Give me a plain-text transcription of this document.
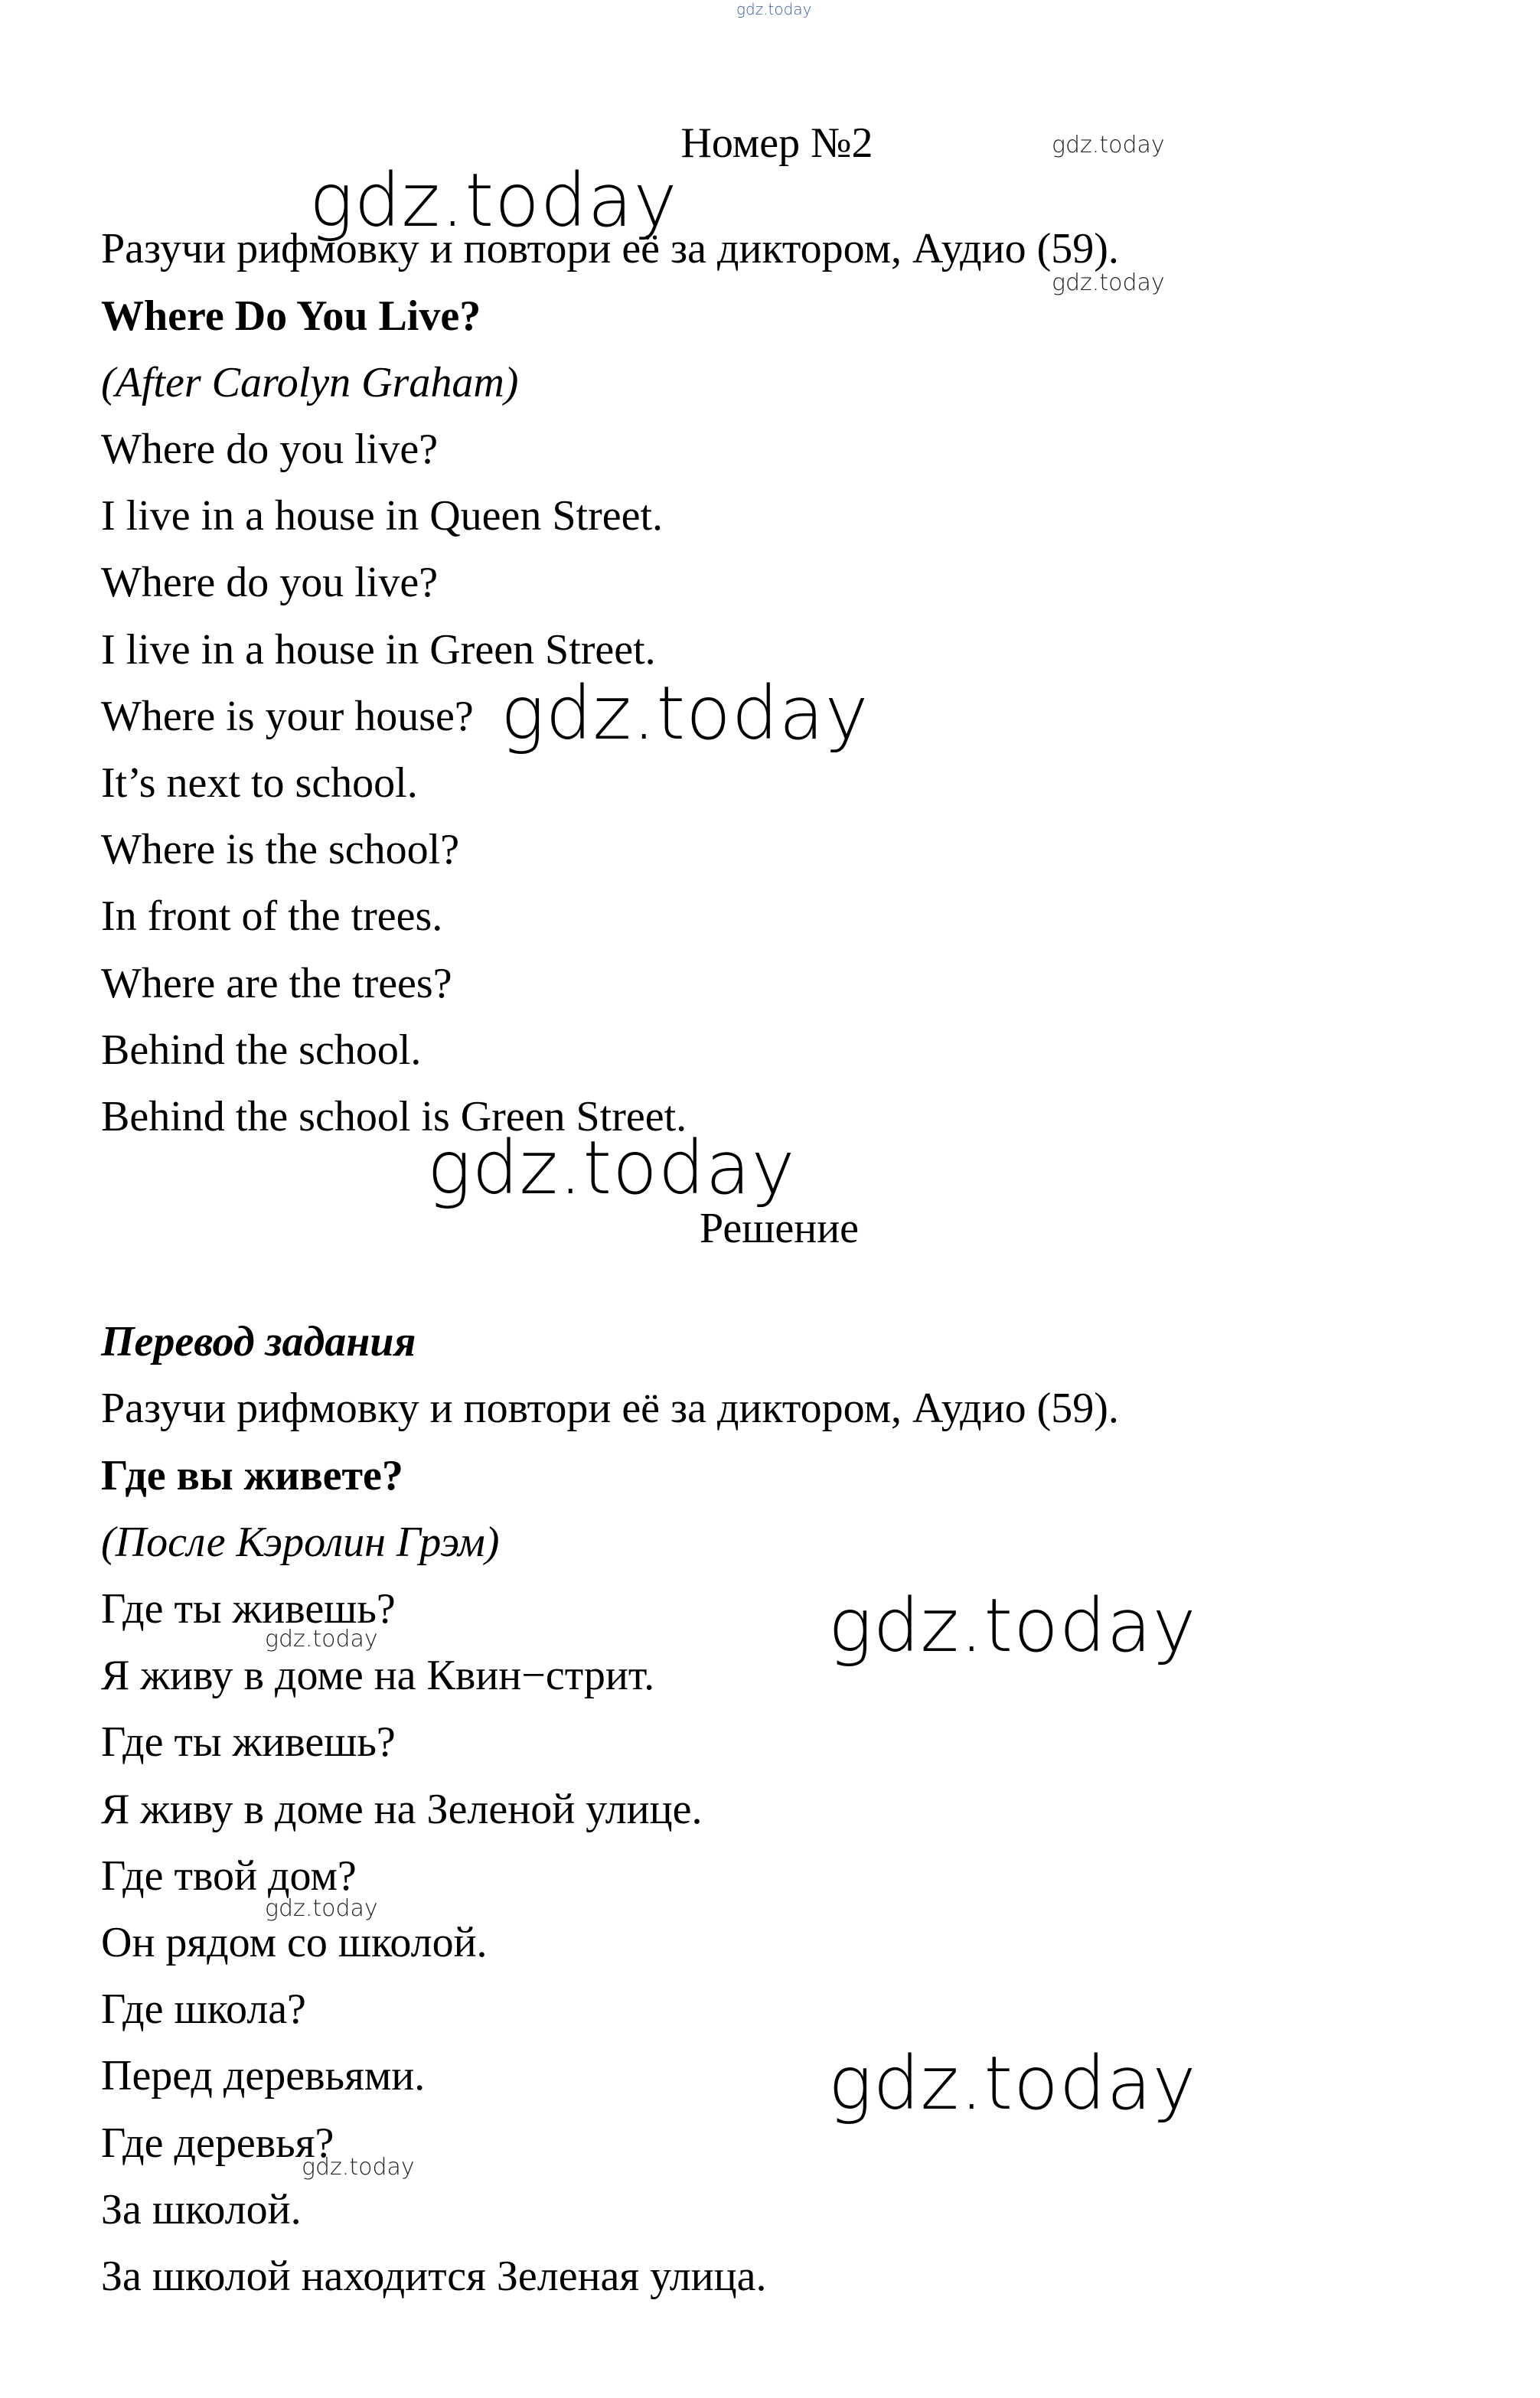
gdz.today
Номер №2
Разучи рифмовку и повтори её за диктором, Аудио (59).
Where Do You Live?
(After Carolyn Graham)
Where do you live?
I live in a house in Queen Street.
Where do you live?
I live in a house in Green Street.
Where is your house?
It’s next to school.
Where is the school?
In front of the trees.
Where are the trees?
Behind the school.
Behind the school is Green Street.
Решение
Перевод задания
Разучи рифмовку и повтори её за диктором, Аудио (59).
Где вы живете?
(После Кэролин Грэм)
Где ты живешь?
Я живу в доме на Квин−стрит.
Где ты живешь?
Я живу в доме на Зеленой улице.
Где твой дом?
Он рядом со школой.
Где школа?
Перед деревьями.
Где деревья?
За школой.
За школой находится Зеленая улица.
gdz.today
gdz.today
gdz.today
gdz.today
gdz.today
gdz.today
gdz.today
gdz.today
gdz.today
gdz.today
